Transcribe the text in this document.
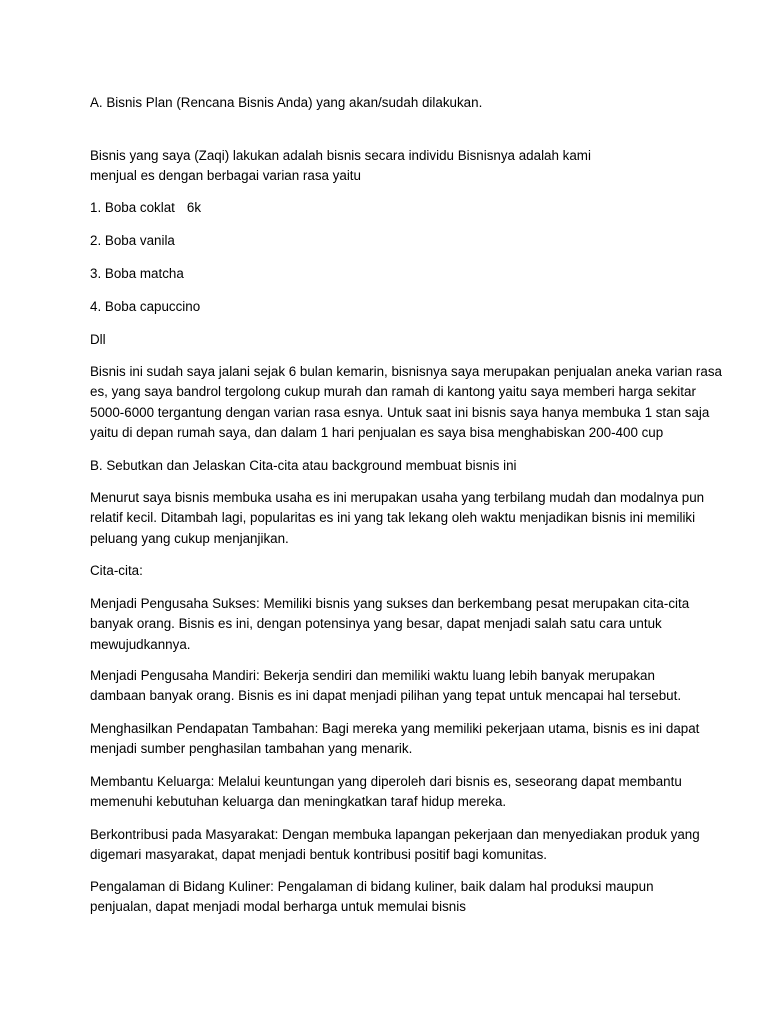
A. Bisnis Plan (Rencana Bisnis Anda) yang akan/sudah dilakukan.

Bisnis yang saya (Zaqi) lakukan adalah bisnis secara individu Bisnisnya adalah kami
menjual es dengan berbagai varian rasa yaitu

1. Boba coklat 6k

2. Boba vanila

3. Boba matcha

4. Boba capuccino

Dll

Bisnis ini sudah saya jalani sejak 6 bulan kemarin, bisnisnya saya merupakan penjualan aneka varian rasa
es, yang saya bandrol tergolong cukup murah dan ramah di kantong yaitu saya memberi harga sekitar
5000-6000 tergantung dengan varian rasa esnya. Untuk saat ini bisnis saya hanya membuka 1 stan saja
yaitu di depan rumah saya, dan dalam 1 hari penjualan es saya bisa menghabiskan 200-400 cup

B. Sebutkan dan Jelaskan Cita-cita atau background membuat bisnis ini

Menurut saya bisnis membuka usaha es ini merupakan usaha yang terbilang mudah dan modalnya pun
relatif kecil. Ditambah lagi, popularitas es ini yang tak lekang oleh waktu menjadikan bisnis ini memiliki
peluang yang cukup menjanjikan.

Cita-cita:

Menjadi Pengusaha Sukses: Memiliki bisnis yang sukses dan berkembang pesat merupakan cita-cita
banyak orang. Bisnis es ini, dengan potensinya yang besar, dapat menjadi salah satu cara untuk
mewujudkannya.
Menjadi Pengusaha Mandiri: Bekerja sendiri dan memiliki waktu luang lebih banyak merupakan
dambaan banyak orang. Bisnis es ini dapat menjadi pilihan yang tepat untuk mencapai hal tersebut.
Menghasilkan Pendapatan Tambahan: Bagi mereka yang memiliki pekerjaan utama, bisnis es ini dapat
menjadi sumber penghasilan tambahan yang menarik.
Membantu Keluarga: Melalui keuntungan yang diperoleh dari bisnis es, seseorang dapat membantu
memenuhi kebutuhan keluarga dan meningkatkan taraf hidup mereka.
Berkontribusi pada Masyarakat: Dengan membuka lapangan pekerjaan dan menyediakan produk yang
digemari masyarakat, dapat menjadi bentuk kontribusi positif bagi komunitas.
Pengalaman di Bidang Kuliner: Pengalaman di bidang kuliner, baik dalam hal produksi maupun
penjualan, dapat menjadi modal berharga untuk memulai bisnis
